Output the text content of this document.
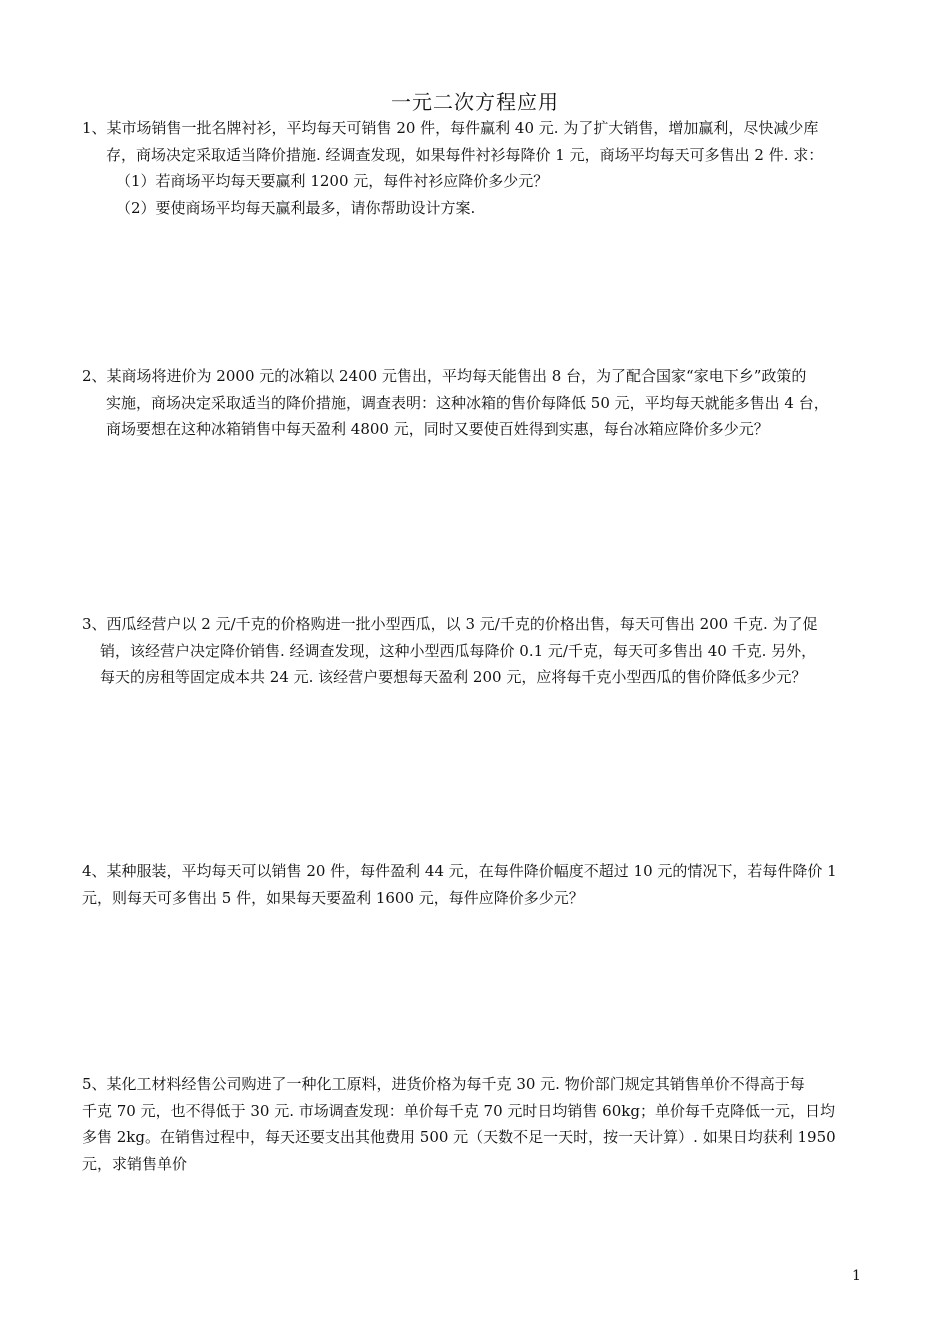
一元二次方程应用

1、某市场销售一批名牌衬衫，平均每天可销售 20 件，每件赢利 40 元. 为了扩大销售，增加赢利，尽快减少库

存，商场决定采取适当降价措施. 经调查发现，如果每件衬衫每降价 1 元，商场平均每天可多售出 2 件. 求：

（1）若商场平均每天要赢利 1200 元，每件衬衫应降价多少元？

（2）要使商场平均每天赢利最多，请你帮助设计方案.

2、某商场将进价为 2000 元的冰箱以 2400 元售出，平均每天能售出 8 台，为了配合国家“家电下乡”政策的

实施，商场决定采取适当的降价措施，调查表明：这种冰箱的售价每降低 50 元，平均每天就能多售出 4 台，

商场要想在这种冰箱销售中每天盈利 4800 元，同时又要使百姓得到实惠，每台冰箱应降价多少元？

3、西瓜经营户以 2 元/千克的价格购进一批小型西瓜，以 3 元/千克的价格出售，每天可售出 200 千克. 为了促

销，该经营户决定降价销售. 经调查发现，这种小型西瓜每降价 0.1 元/千克，每天可多售出 40 千克. 另外，

每天的房租等固定成本共 24 元. 该经营户要想每天盈利 200 元，应将每千克小型西瓜的售价降低多少元？

4、某种服装，平均每天可以销售 20 件，每件盈利 44 元，在每件降价幅度不超过 10 元的情况下，若每件降价 1

元，则每天可多售出 5 件，如果每天要盈利 1600 元，每件应降价多少元？

5、某化工材料经售公司购进了一种化工原料，进货价格为每千克 30 元. 物价部门规定其销售单价不得高于每

千克 70 元，也不得低于 30 元. 市场调查发现：单价每千克 70 元时日均销售 60kg；单价每千克降低一元，日均

多售 2kg。在销售过程中，每天还要支出其他费用 500 元（天数不足一天时，按一天计算）. 如果日均获利 1950

元，求销售单价

1
